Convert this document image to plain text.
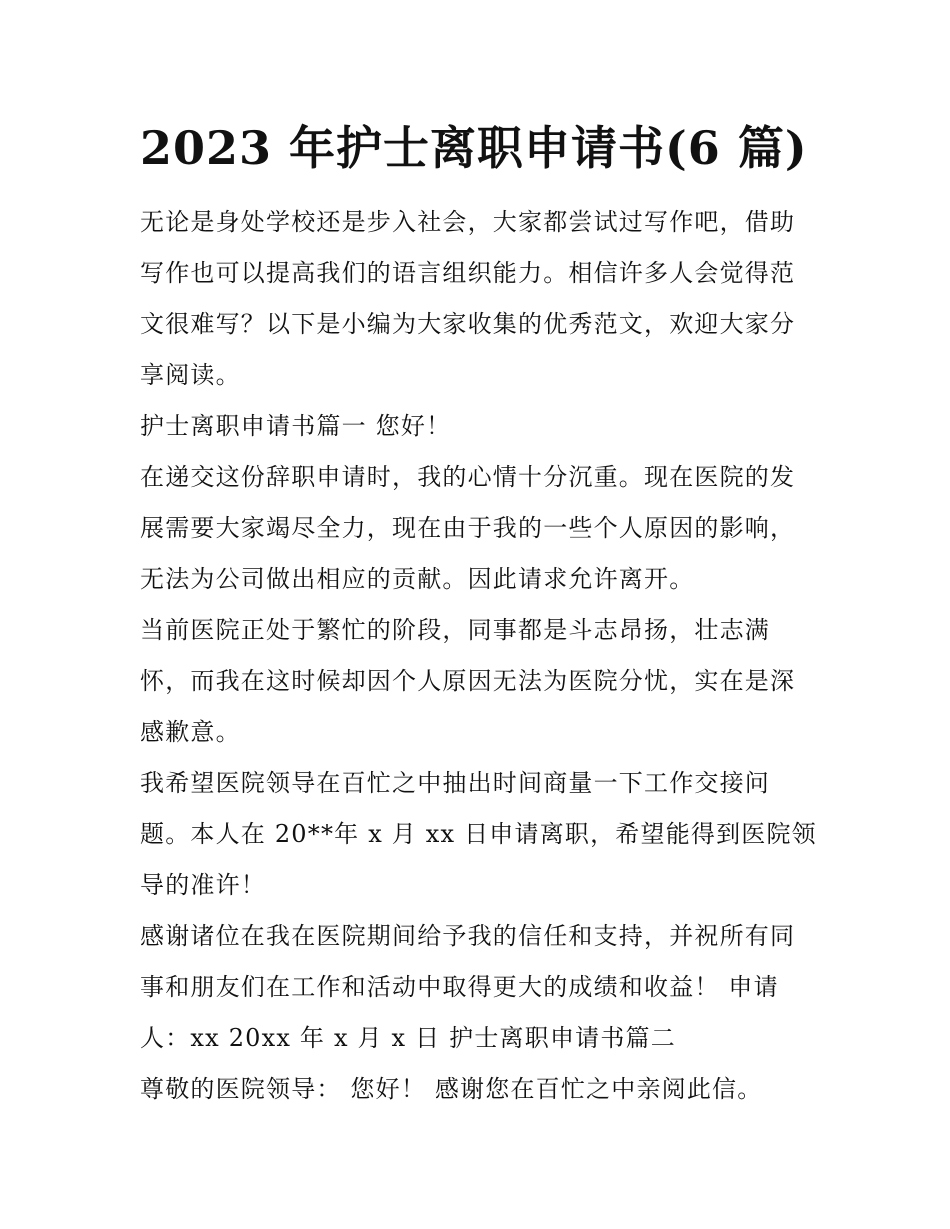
2023 年护士离职申请书(6 篇)

无论是身处学校还是步入社会，大家都尝试过写作吧，借助写作也可以提高我们的语言组织能力。相信许多人会觉得范文很难写？以下是小编为大家收集的优秀范文，欢迎大家分享阅读。

护士离职申请书篇一 您好！

在递交这份辞职申请时，我的心情十分沉重。现在医院的发展需要大家竭尽全力，现在由于我的一些个人原因的影响，无法为公司做出相应的贡献。因此请求允许离开。

当前医院正处于繁忙的阶段，同事都是斗志昂扬，壮志满怀，而我在这时候却因个人原因无法为医院分忧，实在是深感歉意。

我希望医院领导在百忙之中抽出时间商量一下工作交接问题。本人在 20**年 x 月 xx 日申请离职，希望能得到医院领导的准许！

感谢诸位在我在医院期间给予我的信任和支持，并祝所有同事和朋友们在工作和活动中取得更大的成绩和收益！ 申请人：xx 20xx 年 x 月 x 日 护士离职申请书篇二

尊敬的医院领导： 您好！ 感谢您在百忙之中亲阅此信。
